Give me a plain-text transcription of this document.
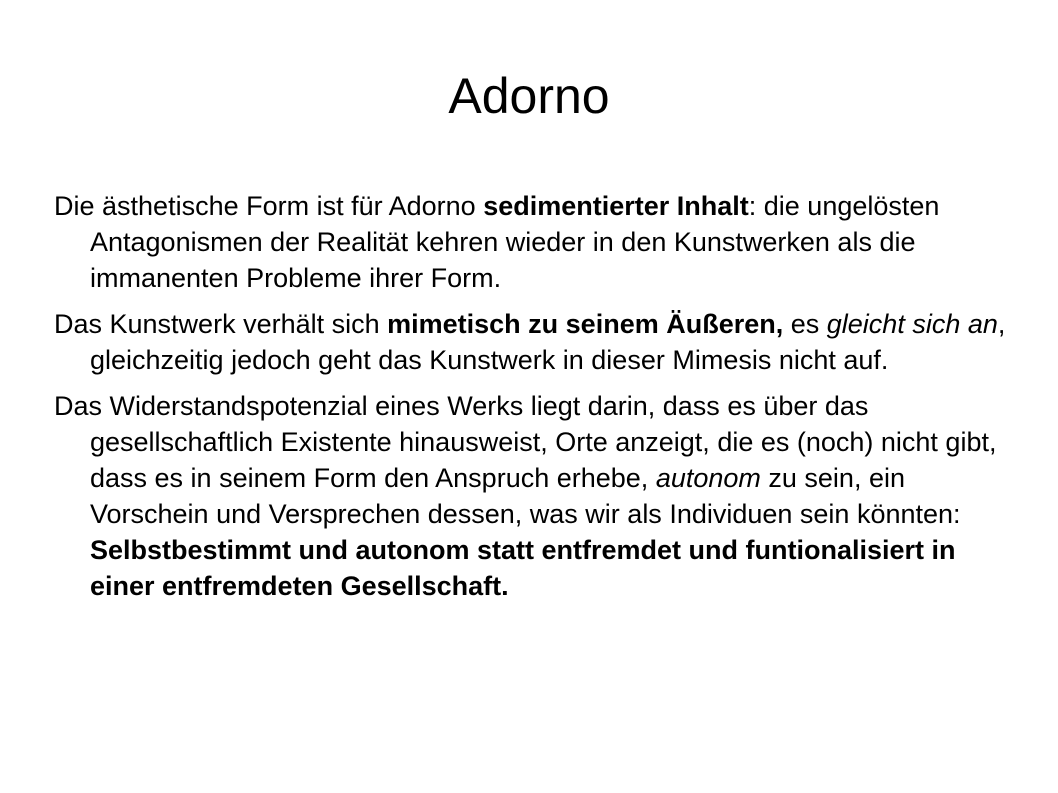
Adorno

Die ästhetische Form ist für Adorno sedimentierter Inhalt: die ungelösten Antagonismen der Realität kehren wieder in den Kunstwerken als die immanenten Probleme ihrer Form.

Das Kunstwerk verhält sich mimetisch zu seinem Äußeren, es gleicht sich an, gleichzeitig jedoch geht das Kunstwerk in dieser Mimesis nicht auf.

Das Widerstandspotenzial eines Werks liegt darin, dass es über das gesellschaftlich Existente hinausweist, Orte anzeigt, die es (noch) nicht gibt, dass es in seinem Form den Anspruch erhebe, autonom zu sein, ein Vorschein und Versprechen dessen, was wir als Individuen sein könnten: Selbstbestimmt und autonom statt entfremdet und funtionalisiert in einer entfremdeten Gesellschaft.
